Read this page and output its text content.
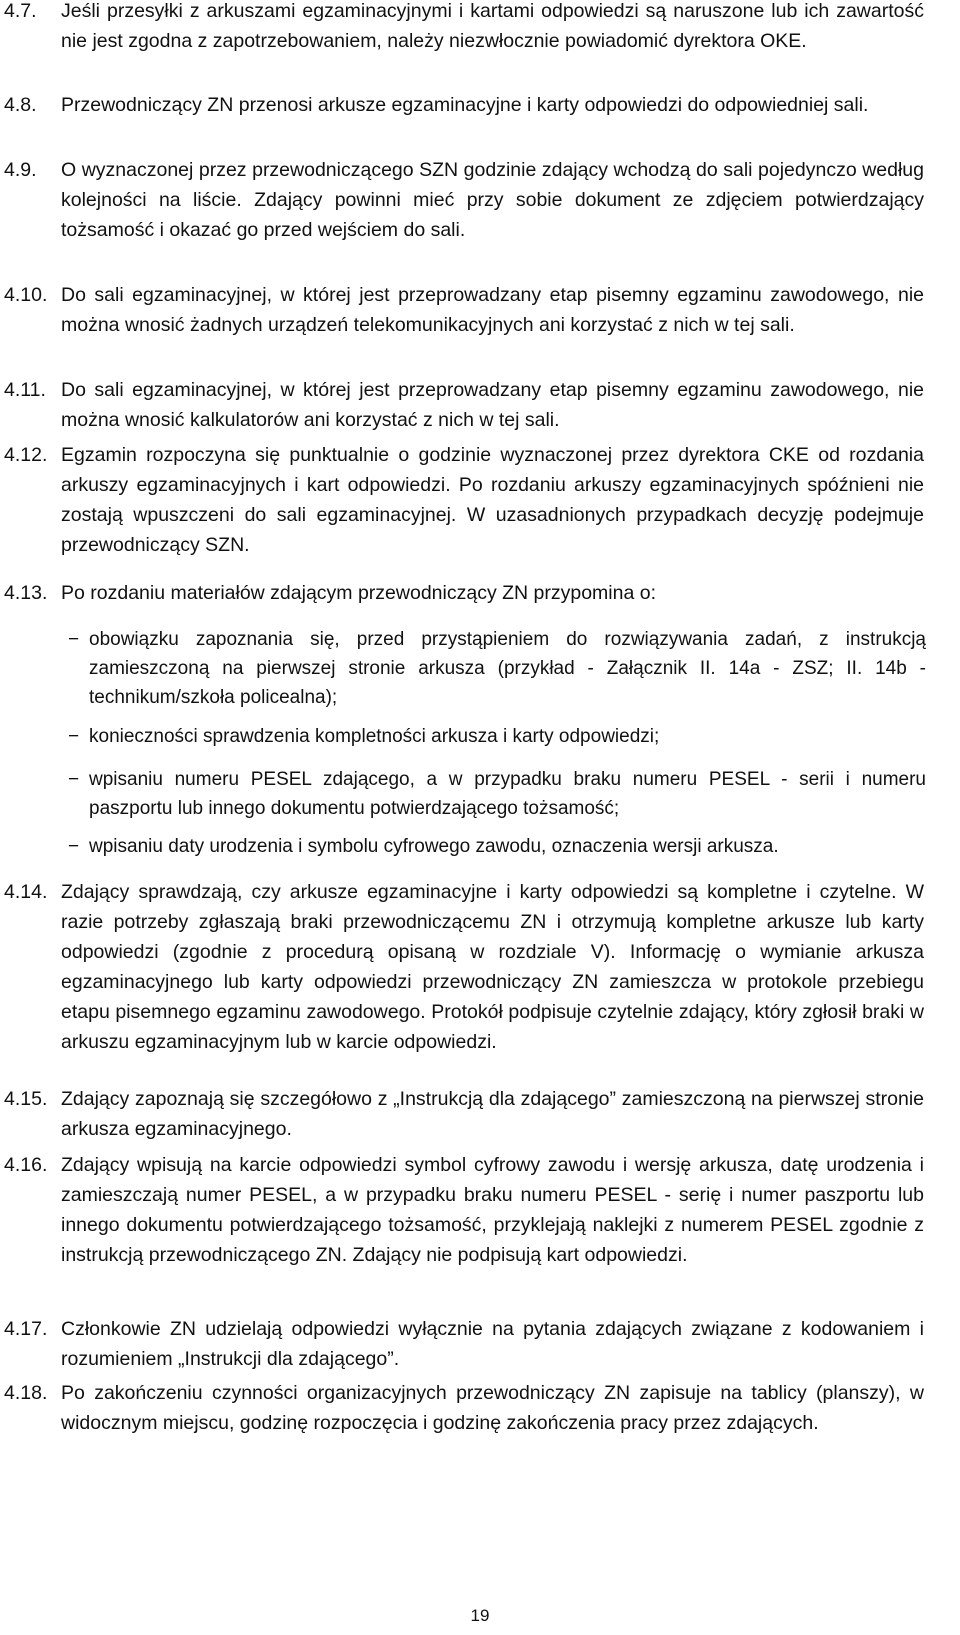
4.7. Jeśli przesyłki z arkuszami egzaminacyjnymi i kartami odpowiedzi są naruszone lub ich zawartość nie jest zgodna z zapotrzebowaniem, należy niezwłocznie powiadomić dyrektora OKE.
4.8. Przewodniczący ZN przenosi arkusze egzaminacyjne i karty odpowiedzi do odpowiedniej sali.
4.9. O wyznaczonej przez przewodniczącego SZN godzinie zdający wchodzą do sali pojedynczo według kolejności na liście. Zdający powinni mieć przy sobie dokument ze zdjęciem potwierdzający tożsamość i okazać go przed wejściem do sali.
4.10. Do sali egzaminacyjnej, w której jest przeprowadzany etap pisemny egzaminu zawodowego, nie można wnosić żadnych urządzeń telekomunikacyjnych ani korzystać z nich w tej sali.
4.11. Do sali egzaminacyjnej, w której jest przeprowadzany etap pisemny egzaminu zawodowego, nie można wnosić kalkulatorów ani korzystać z nich w tej sali.
4.12. Egzamin rozpoczyna się punktualnie o godzinie wyznaczonej przez dyrektora CKE od rozdania arkuszy egzaminacyjnych i kart odpowiedzi. Po rozdaniu arkuszy egzaminacyjnych spóźnieni nie zostają wpuszczeni do sali egzaminacyjnej. W uzasadnionych przypadkach decyzję podejmuje przewodniczący SZN.
4.13. Po rozdaniu materiałów zdającym przewodniczący ZN przypomina o:
− obowiązku zapoznania się, przed przystąpieniem do rozwiązywania zadań, z instrukcją zamieszczoną na pierwszej stronie arkusza (przykład - Załącznik II. 14a - ZSZ; II. 14b - technikum/szkoła policealna);
− konieczności sprawdzenia kompletności arkusza i karty odpowiedzi;
− wpisaniu numeru PESEL zdającego, a w przypadku braku numeru PESEL - serii i numeru paszportu lub innego dokumentu potwierdzającego tożsamość;
− wpisaniu daty urodzenia i symbolu cyfrowego zawodu, oznaczenia wersji arkusza.
4.14. Zdający sprawdzają, czy arkusze egzaminacyjne i karty odpowiedzi są kompletne i czytelne. W razie potrzeby zgłaszają braki przewodniczącemu ZN i otrzymują kompletne arkusze lub karty odpowiedzi (zgodnie z procedurą opisaną w rozdziale V). Informację o wymianie arkusza egzaminacyjnego lub karty odpowiedzi przewodniczący ZN zamieszcza w protokole przebiegu etapu pisemnego egzaminu zawodowego. Protokół podpisuje czytelnie zdający, który zgłosił braki w arkuszu egzaminacyjnym lub w karcie odpowiedzi.
4.15. Zdający zapoznają się szczegółowo z „Instrukcją dla zdającego” zamieszczoną na pierwszej stronie arkusza egzaminacyjnego.
4.16. Zdający wpisują na karcie odpowiedzi symbol cyfrowy zawodu i wersję arkusza, datę urodzenia i zamieszczają numer PESEL, a w przypadku braku numeru PESEL - serię i numer paszportu lub innego dokumentu potwierdzającego tożsamość, przyklejają naklejki z numerem PESEL zgodnie z instrukcją przewodniczącego ZN. Zdający nie podpisują kart odpowiedzi.
4.17. Członkowie ZN udzielają odpowiedzi wyłącznie na pytania zdających związane z kodowaniem i rozumieniem „Instrukcji dla zdającego”.
4.18. Po zakończeniu czynności organizacyjnych przewodniczący ZN zapisuje na tablicy (planszy), w widocznym miejscu, godzinę rozpoczęcia i godzinę zakończenia pracy przez zdających.
19
